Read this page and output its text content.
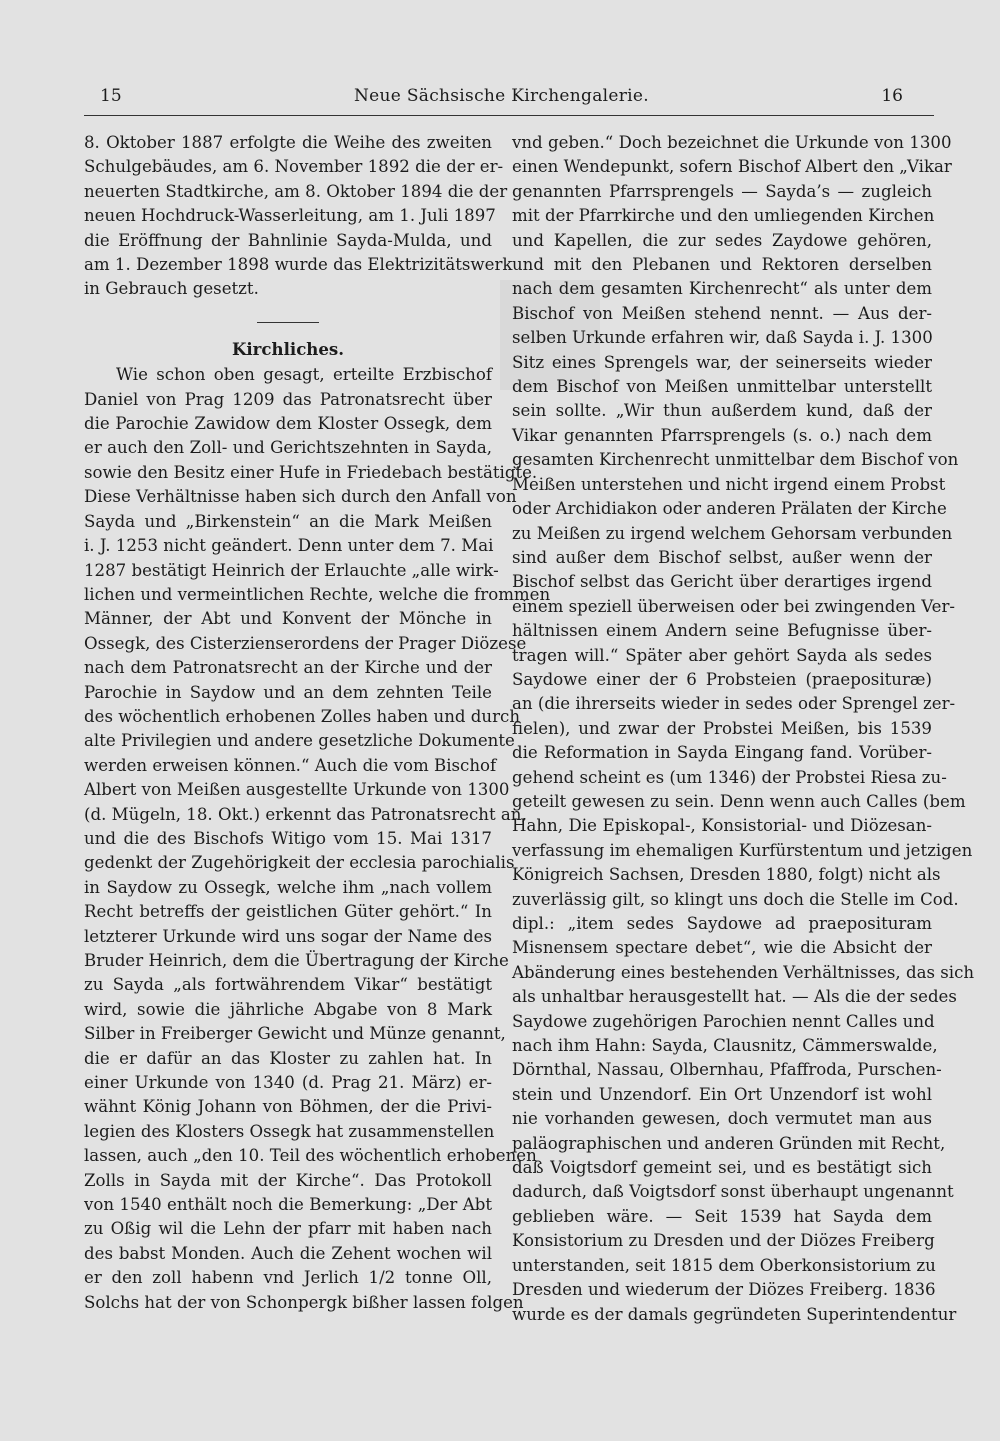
15	Neue Sächsische Kirchengalerie.	16
8. Oktober 1887 erfolgte die Weihe des zweiten
Schulgebäudes, am 6. November 1892 die der er-
neuerten Stadtkirche, am 8. Oktober 1894 die der
neuen Hochdruck-Wasserleitung, am 1. Juli 1897
die Eröffnung der Bahnlinie Sayda-Mulda, und
am 1. Dezember 1898 wurde das Elektrizitätswerk
in Gebrauch gesetzt.
Kirchliches.
Wie schon oben gesagt, erteilte Erzbischof
Daniel von Prag 1209 das Patronatsrecht über
die Parochie Zawidow dem Kloster Ossegk, dem
er auch den Zoll- und Gerichtszehnten in Sayda,
sowie den Besitz einer Hufe in Friedebach bestätigte.
Diese Verhältnisse haben sich durch den Anfall von
Sayda und „Birkenstein“ an die Mark Meißen
i. J. 1253 nicht geändert. Denn unter dem 7. Mai
1287 bestätigt Heinrich der Erlauchte „alle wirk-
lichen und vermeintlichen Rechte, welche die frommen
Männer, der Abt und Konvent der Mönche in
Ossegk, des Cisterzienserordens der Prager Diözese
nach dem Patronatsrecht an der Kirche und der
Parochie in Saydow und an dem zehnten Teile
des wöchentlich erhobenen Zolles haben und durch
alte Privilegien und andere gesetzliche Dokumente
werden erweisen können.“ Auch die vom Bischof
Albert von Meißen ausgestellte Urkunde von 1300
(d. Mügeln, 18. Okt.) erkennt das Patronatsrecht an,
und die des Bischofs Witigo vom 15. Mai 1317
gedenkt der Zugehörigkeit der ecclesia parochialis
in Saydow zu Ossegk, welche ihm „nach vollem
Recht betreffs der geistlichen Güter gehört.“ In
letzterer Urkunde wird uns sogar der Name des
Bruder Heinrich, dem die Übertragung der Kirche
zu Sayda „als fortwährendem Vikar“ bestätigt
wird, sowie die jährliche Abgabe von 8 Mark
Silber in Freiberger Gewicht und Münze genannt,
die er dafür an das Kloster zu zahlen hat. In
einer Urkunde von 1340 (d. Prag 21. März) er-
wähnt König Johann von Böhmen, der die Privi-
legien des Klosters Ossegk hat zusammenstellen
lassen, auch „den 10. Teil des wöchentlich erhobenen
Zolls in Sayda mit der Kirche“. Das Protokoll
von 1540 enthält noch die Bemerkung: „Der Abt
zu Oßig wil die Lehn der pfarr mit haben nach
des babst Monden. Auch die Zehent wochen wil
er den zoll habenn vnd Jerlich 1/2 tonne Oll,
Solchs hat der von Schonpergk bißher lassen folgen
vnd geben.“ Doch bezeichnet die Urkunde von 1300
einen Wendepunkt, sofern Bischof Albert den „Vikar
genannten Pfarrsprengels — Sayda’s — zugleich
mit der Pfarrkirche und den umliegenden Kirchen
und Kapellen, die zur sedes Zaydowe gehören,
und mit den Plebanen und Rektoren derselben
nach dem gesamten Kirchenrecht“ als unter dem
Bischof von Meißen stehend nennt. — Aus der-
selben Urkunde erfahren wir, daß Sayda i. J. 1300
Sitz eines Sprengels war, der seinerseits wieder
dem Bischof von Meißen unmittelbar unterstellt
sein sollte. „Wir thun außerdem kund, daß der
Vikar genannten Pfarrsprengels (s. o.) nach dem
gesamten Kirchenrecht unmittelbar dem Bischof von
Meißen unterstehen und nicht irgend einem Probst
oder Archidiakon oder anderen Prälaten der Kirche
zu Meißen zu irgend welchem Gehorsam verbunden
sind außer dem Bischof selbst, außer wenn der
Bischof selbst das Gericht über derartiges irgend
einem speziell überweisen oder bei zwingenden Ver-
hältnissen einem Andern seine Befugnisse über-
tragen will.“ Später aber gehört Sayda als sedes
Saydowe einer der 6 Probsteien (praeposituræ)
an (die ihrerseits wieder in sedes oder Sprengel zer-
fielen), und zwar der Probstei Meißen, bis 1539
die Reformation in Sayda Eingang fand. Vorüber-
gehend scheint es (um 1346) der Probstei Riesa zu-
geteilt gewesen zu sein. Denn wenn auch Calles (bem
Hahn, Die Episkopal-, Konsistorial- und Diözesan-
verfassung im ehemaligen Kurfürstentum und jetzigen
Königreich Sachsen, Dresden 1880, folgt) nicht als
zuverlässig gilt, so klingt uns doch die Stelle im Cod.
dipl.: „item sedes Saydowe ad praeposituram
Misnensem spectare debet“, wie die Absicht der
Abänderung eines bestehenden Verhältnisses, das sich
als unhaltbar herausgestellt hat. — Als die der sedes
Saydowe zugehörigen Parochien nennt Calles und
nach ihm Hahn: Sayda, Clausnitz, Cämmerswalde,
Dörnthal, Nassau, Olbernhau, Pfaffroda, Purschen-
stein und Unzendorf. Ein Ort Unzendorf ist wohl
nie vorhanden gewesen, doch vermutet man aus
paläographischen und anderen Gründen mit Recht,
daß Voigtsdorf gemeint sei, und es bestätigt sich
dadurch, daß Voigtsdorf sonst überhaupt ungenannt
geblieben wäre. — Seit 1539 hat Sayda dem
Konsistorium zu Dresden und der Diözes Freiberg
unterstanden, seit 1815 dem Oberkonsistorium zu
Dresden und wiederum der Diözes Freiberg. 1836
wurde es der damals gegründeten Superintendentur
